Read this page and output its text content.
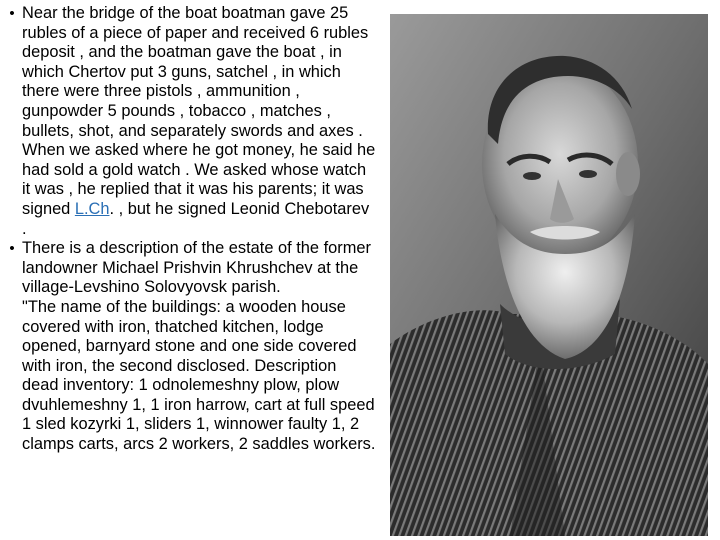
• Near the bridge of the boat boatman gave 25 rubles of a piece of paper and received 6 rubles deposit , and the boatman gave the boat , in which Chertov put 3 guns, satchel , in which there were three pistols , ammunition , gunpowder 5 pounds , tobacco , matches , bullets, shot, and separately swords and axes . When we asked where he got money, he said he had sold a gold watch . We asked whose watch it was , he replied that it was his parents; it was signed L.Ch. , but he signed Leonid Chebotarev .
• There is a description of the estate of the former landowner Michael Prishvin Khrushchev at the village-Levshino Solovyovsk parish.
"The name of the buildings: a wooden house covered with iron, thatched kitchen, lodge opened, barnyard stone and one side covered with iron, the second disclosed. Description dead inventory: 1 odnolemeshny plow, plow dvuhlemeshny 1, 1 iron harrow, cart at full speed 1 sled kozyrki 1, sliders 1, winnower faulty 1, 2 clamps carts, arcs 2 workers, 2 saddles workers.
